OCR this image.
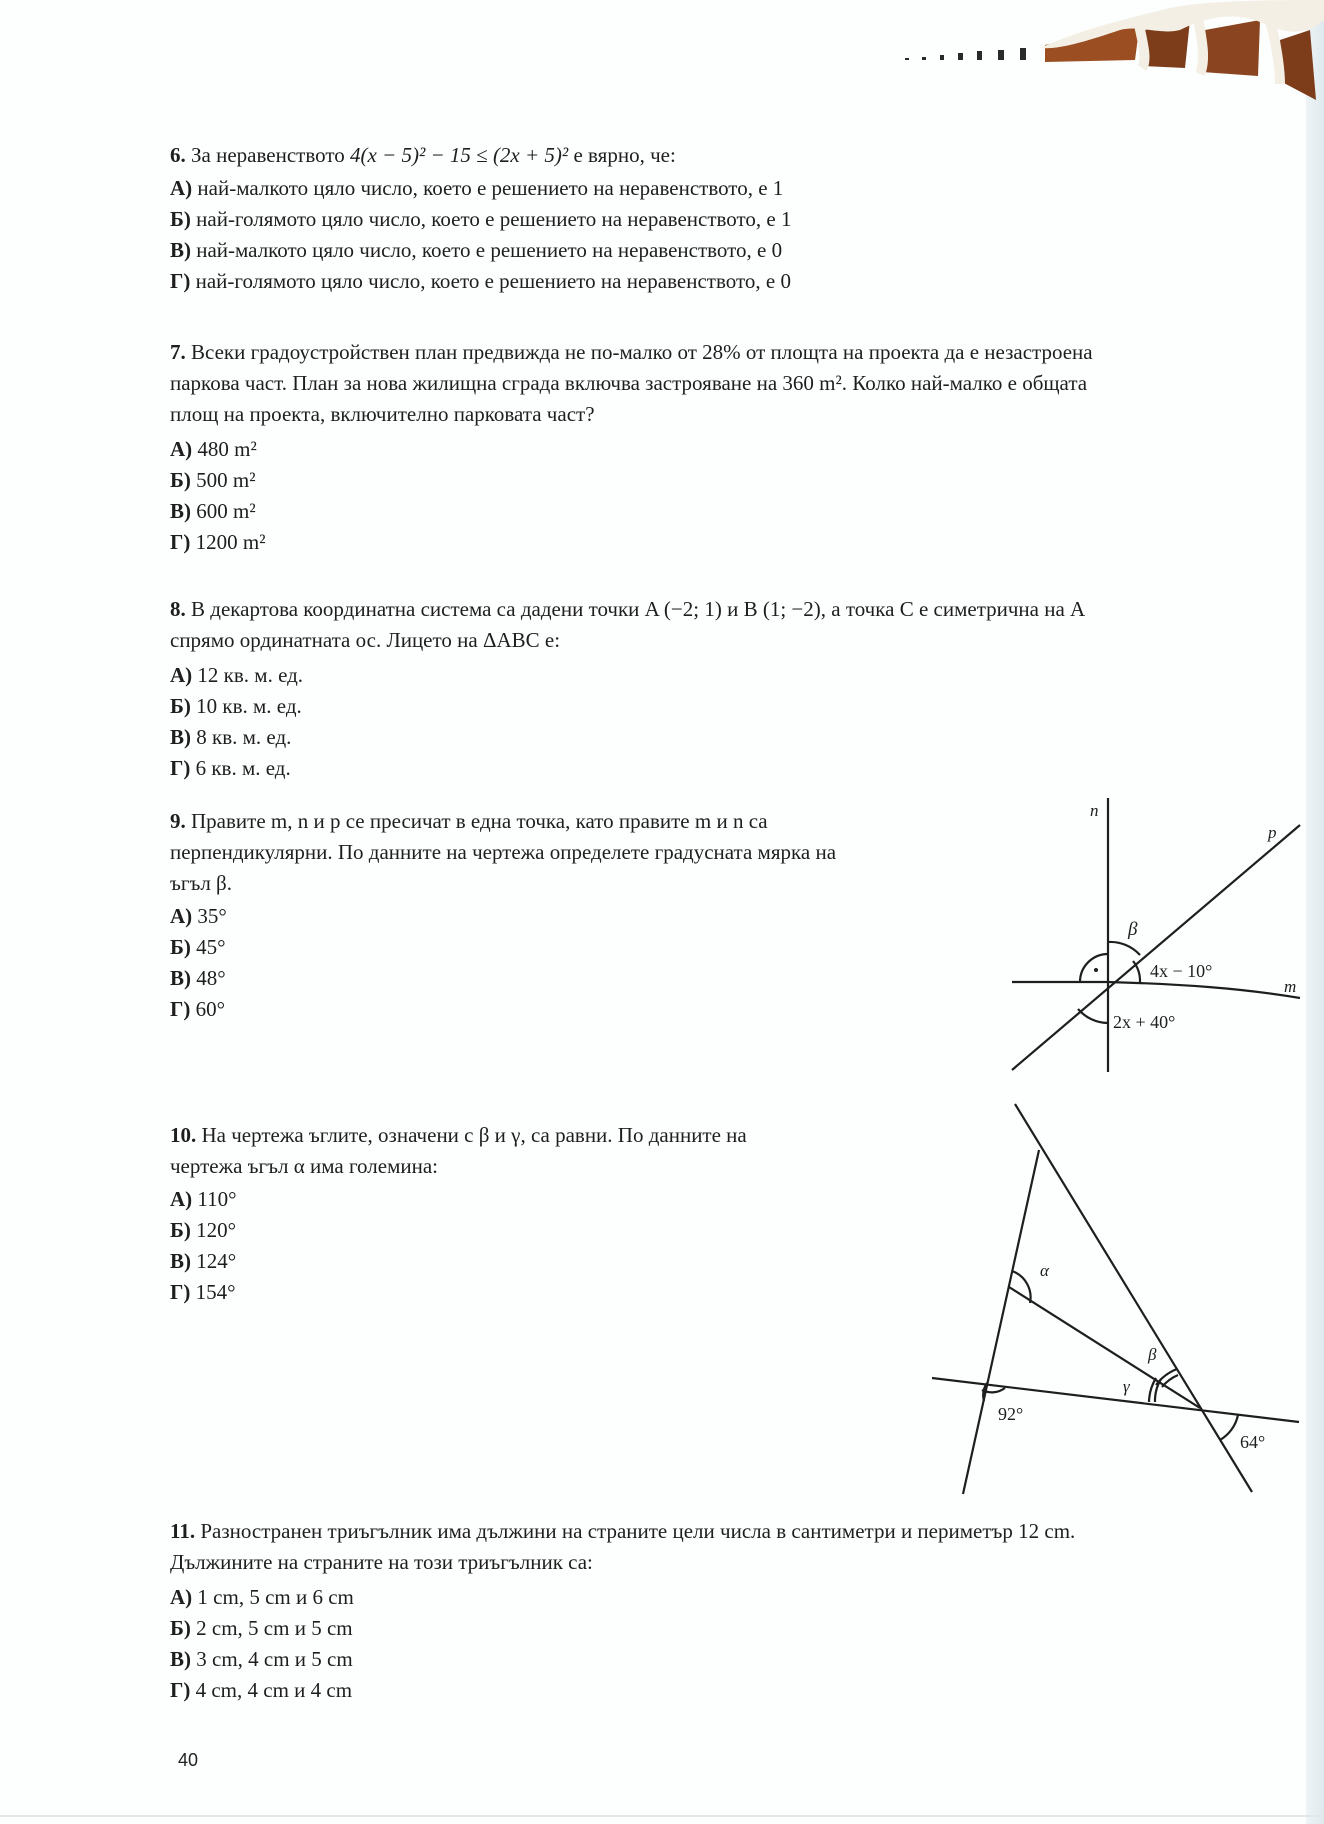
6. За неравенството 4(x − 5)² − 15 ≤ (2x + 5)² е вярно, че:

А) най-малкото цяло число, което е решението на неравенството, е 1

Б) най-голямото цяло число, което е решението на неравенството, е 1

В) най-малкото цяло число, което е решението на неравенството, е 0

Г) най-голямото цяло число, което е решението на неравенството, е 0

7. Всеки градоустройствен план предвижда не по-малко от 28% от площта на проекта да е незастроена

паркова част. План за нова жилищна сграда включва застрояване на 360 m². Колко най-малко е общата

площ на проекта, включително парковата част?

А) 480 m²

Б) 500 m²

В) 600 m²

Г) 1200 m²

8. В декартова координатна система са дадени точки A (−2; 1) и B (1; −2), а точка C е симетрична на A

спрямо ординатната ос. Лицето на ΔABC е:

А) 12 кв. м. ед.

Б) 10 кв. м. ед.

В) 8 кв. м. ед.

Г) 6 кв. м. ед.

9. Правите m, n и p се пресичат в една точка, като правите m и n са

перпендикулярни. По данните на чертежа определете градусната мярка на

ъгъл β.

А) 35°

Б) 45°

В) 48°

Г) 60°

n
p
m
β
4x − 10°
2x + 40°

10. На чертежа ъглите, означени с β и γ, са равни. По данните на

чертежа ъгъл α има големина:

А) 110°

Б) 120°

В) 124°

Г) 154°

α
β
γ
92°
64°

11. Разностранен триъгълник има дължини на страните цели числа в сантиметри и периметър 12 cm.

Дължините на страните на този триъгълник са:

А) 1 cm, 5 cm и 6 cm

Б) 2 cm, 5 cm и 5 cm

В) 3 cm, 4 cm и 5 cm

Г) 4 cm, 4 cm и 4 cm

40
